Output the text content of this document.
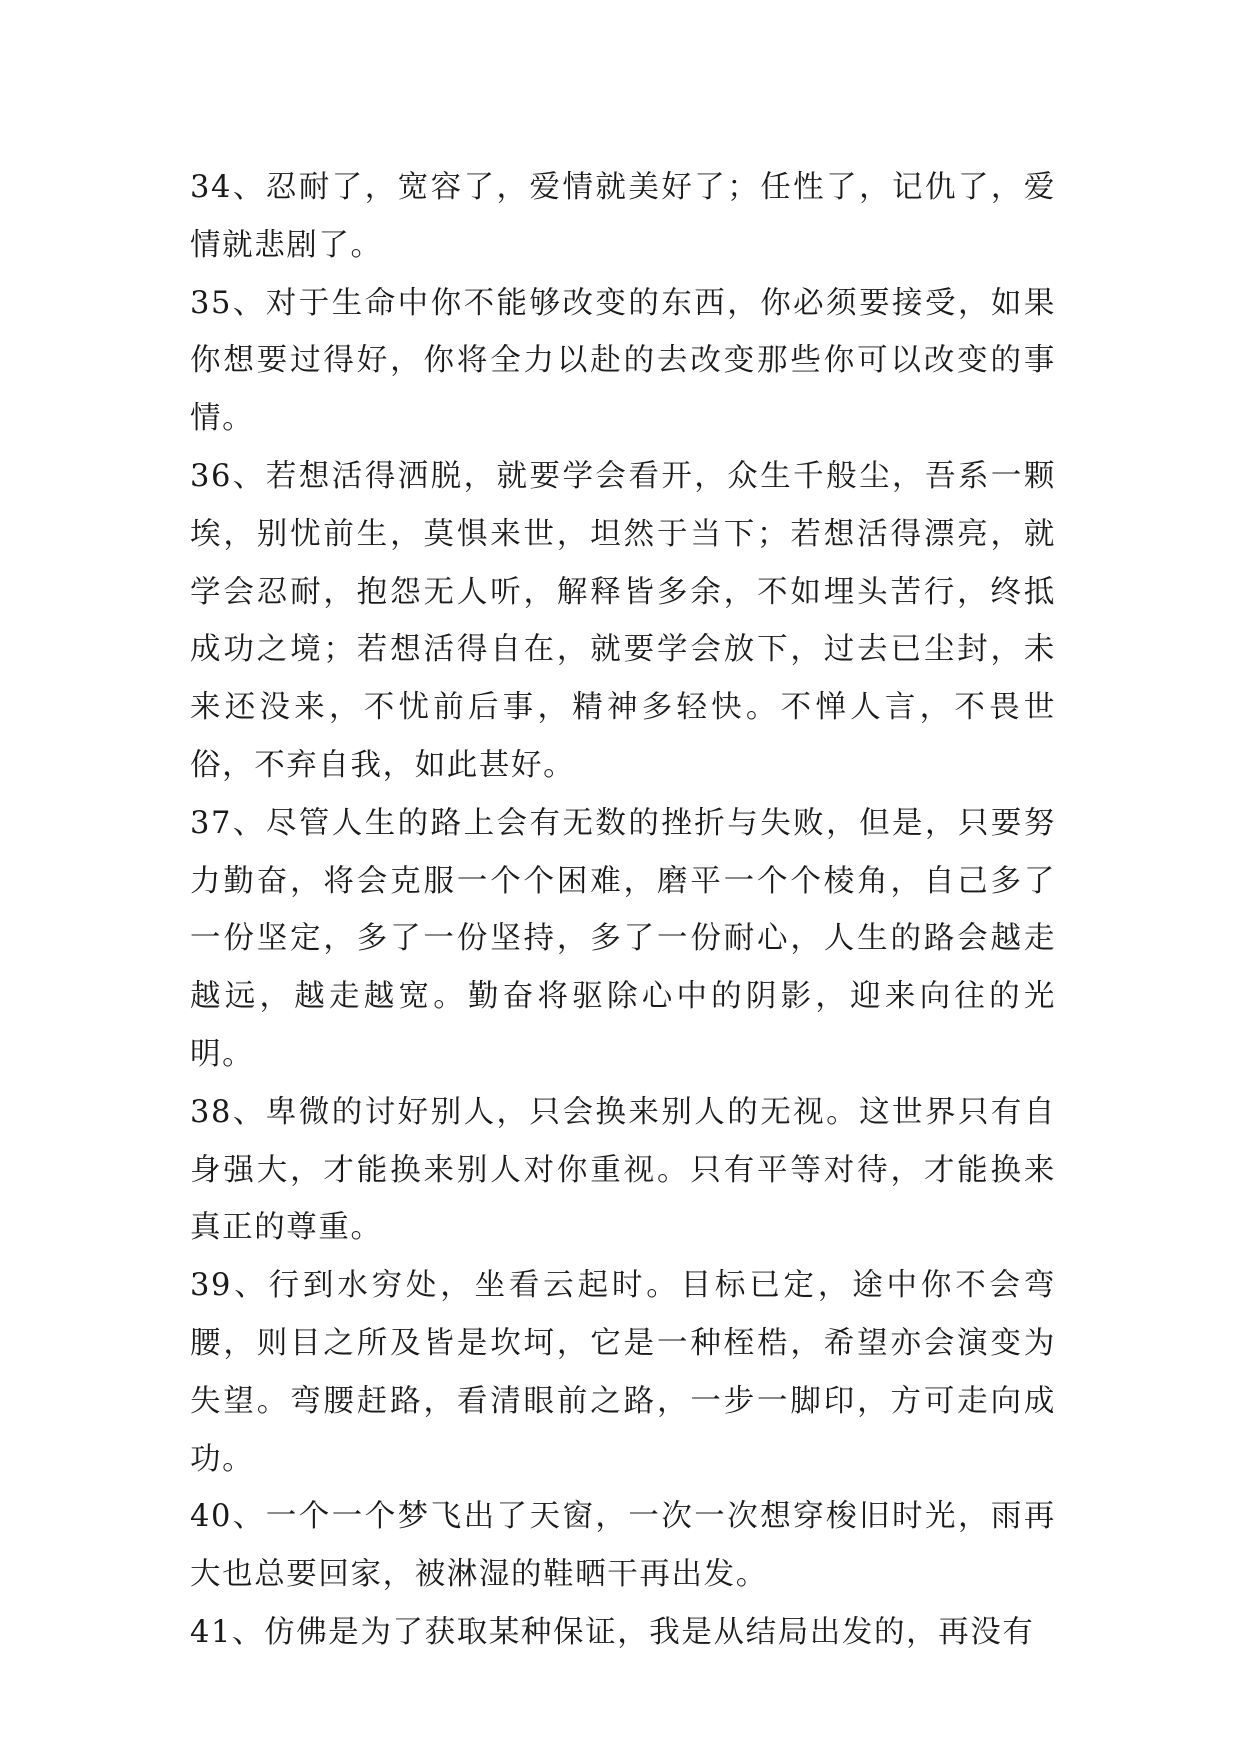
34、忍耐了，宽容了，爱情就美好了；任性了，记仇了，爱情就悲剧了。

35、对于生命中你不能够改变的东西，你必须要接受，如果你想要过得好，你将全力以赴的去改变那些你可以改变的事情。

36、若想活得洒脱，就要学会看开，众生千般尘，吾系一颗埃，别忧前生，莫惧来世，坦然于当下；若想活得漂亮，就学会忍耐，抱怨无人听，解释皆多余，不如埋头苦行，终抵成功之境；若想活得自在，就要学会放下，过去已尘封，未来还没来，不忧前后事，精神多轻快。不惮人言，不畏世俗，不弃自我，如此甚好。

37、尽管人生的路上会有无数的挫折与失败，但是，只要努力勤奋，将会克服一个个困难，磨平一个个棱角，自己多了一份坚定，多了一份坚持，多了一份耐心，人生的路会越走越远，越走越宽。勤奋将驱除心中的阴影，迎来向往的光明。

38、卑微的讨好别人，只会换来别人的无视。这世界只有自身强大，才能换来别人对你重视。只有平等对待，才能换来真正的尊重。

39、行到水穷处，坐看云起时。目标已定，途中你不会弯腰，则目之所及皆是坎坷，它是一种桎梏，希望亦会演变为失望。弯腰赶路，看清眼前之路，一步一脚印，方可走向成功。

40、一个一个梦飞出了天窗，一次一次想穿梭旧时光，雨再大也总要回家，被淋湿的鞋晒干再出发。

41、仿佛是为了获取某种保证，我是从结局出发的，再没有
